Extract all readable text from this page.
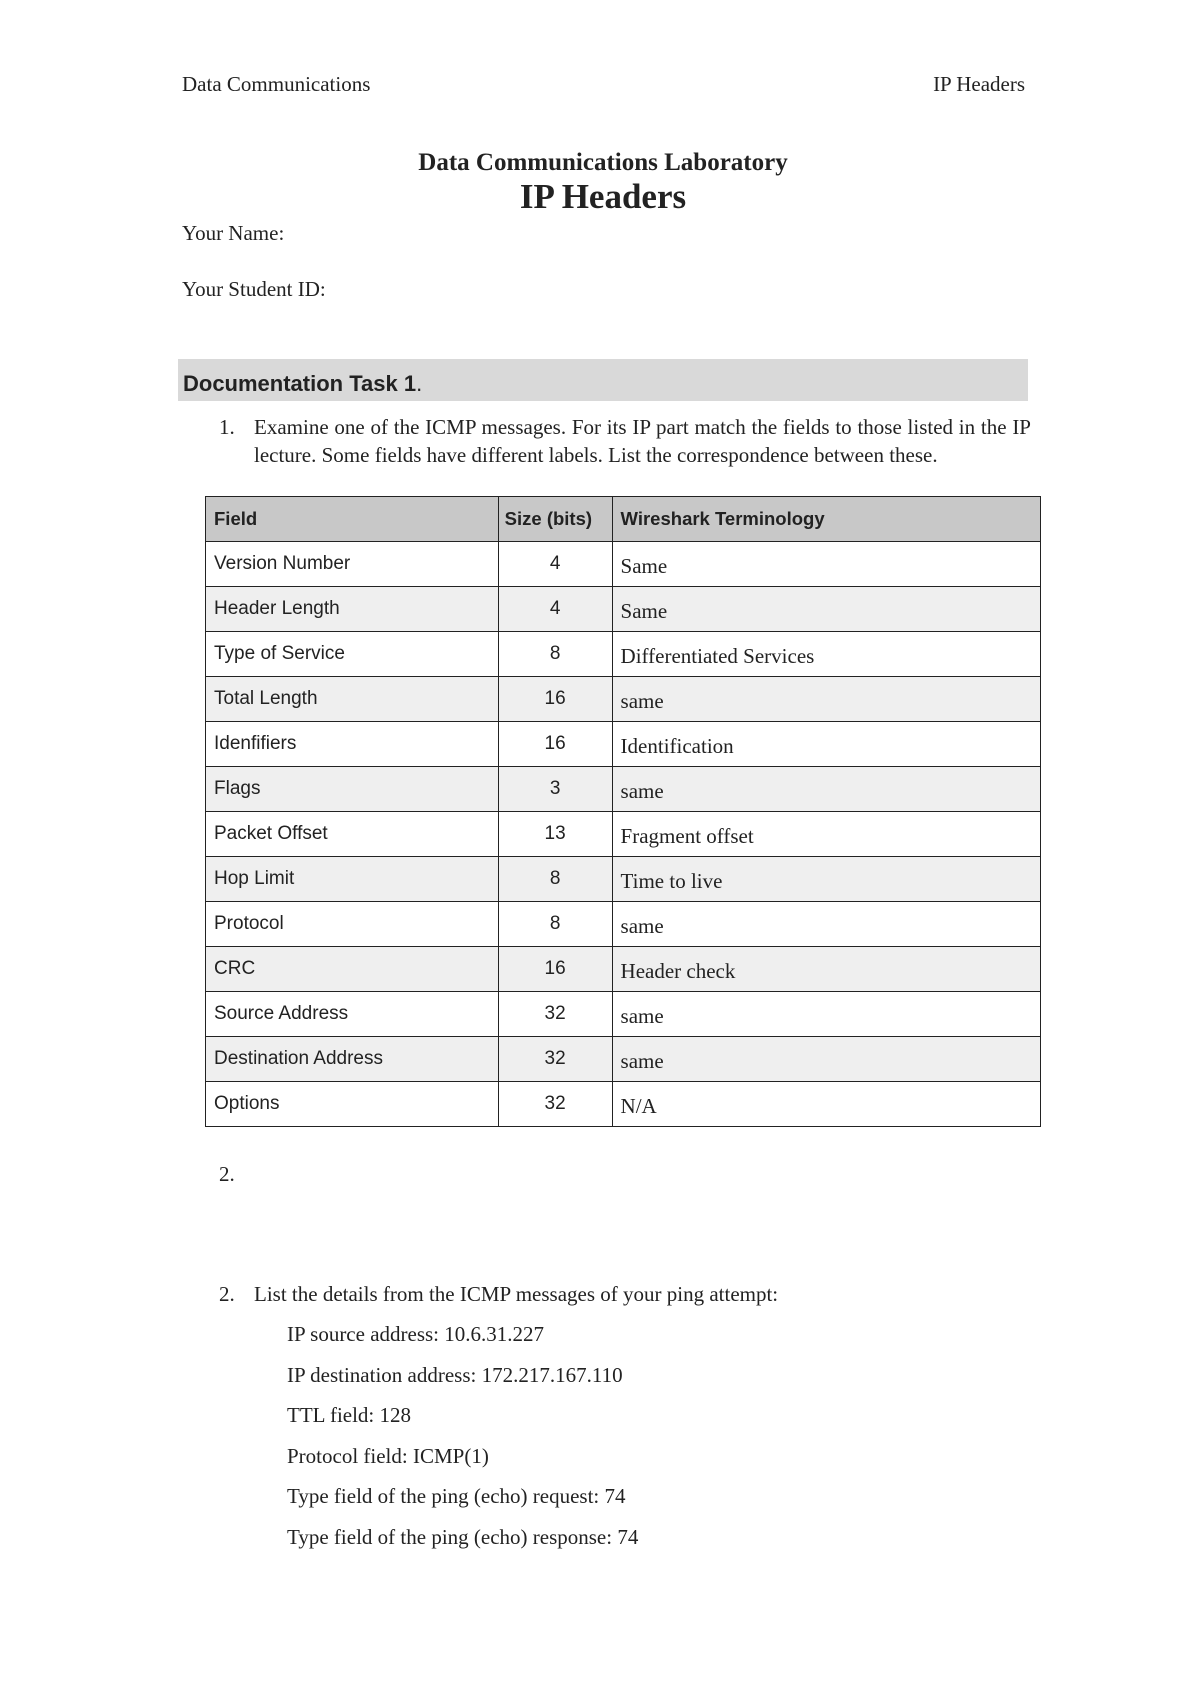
Data Communications	IP Headers
Data Communications Laboratory
IP Headers
Your Name:
Your Student ID:
Documentation Task 1.
1. Examine one of the ICMP messages. For its IP part match the fields to those listed in the IP lecture. Some fields have different labels. List the correspondence between these.
Field	Size (bits)	Wireshark Terminology
Version Number	4	Same
Header Length	4	Same
Type of Service	8	Differentiated Services
Total Length	16	same
Idenfifiers	16	Identification
Flags	3	same
Packet Offset	13	Fragment offset
Hop Limit	8	Time to live
Protocol	8	same
CRC	16	Header check
Source Address	32	same
Destination Address	32	same
Options	32	N/A
2.
2. List the details from the ICMP messages of your ping attempt:
IP source address: 10.6.31.227
IP destination address: 172.217.167.110
TTL field: 128
Protocol field: ICMP(1)
Type field of the ping (echo) request: 74
Type field of the ping (echo) response: 74
